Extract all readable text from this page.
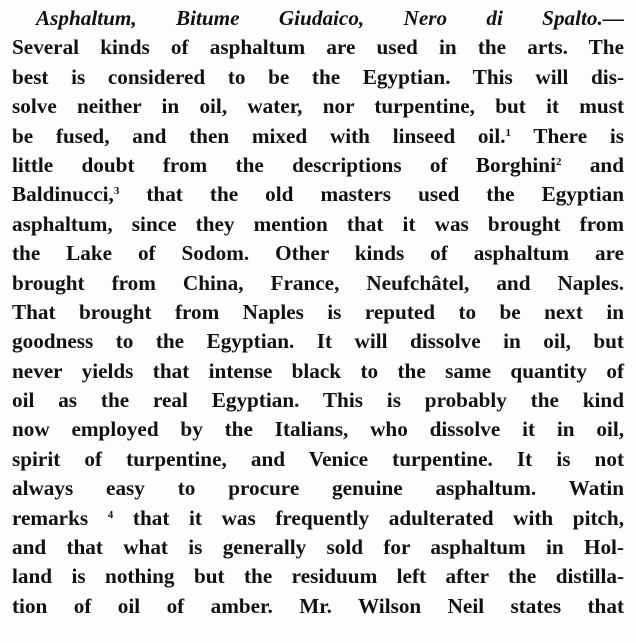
Asphaltum, Bitume Giudaico, Nero di Spalto.—
Several kinds of asphaltum are used in the arts. The
best is considered to be the Egyptian. This will dis-
solve neither in oil, water, nor turpentine, but it must
be fused, and then mixed with linseed oil.$^1$ There is
little doubt from the descriptions of Borghini$^2$ and
Baldinucci,$^3$ that the old masters used the Egyptian
asphaltum, since they mention that it was brought from
the Lake of Sodom. Other kinds of asphaltum are
brought from China, France, Neufchâtel, and Naples.
That brought from Naples is reputed to be next in
goodness to the Egyptian. It will dissolve in oil, but
never yields that intense black to the same quantity of
oil as the real Egyptian. This is probably the kind
now employed by the Italians, who dissolve it in oil,
spirit of turpentine, and Venice turpentine. It is not
always easy to procure genuine asphaltum. Watin
remarks $^4$ that it was frequently adulterated with pitch,
and that what is generally sold for asphaltum in Hol-
land is nothing but the residuum left after the distilla-
tion of oil of amber. Mr. Wilson Neil states that
